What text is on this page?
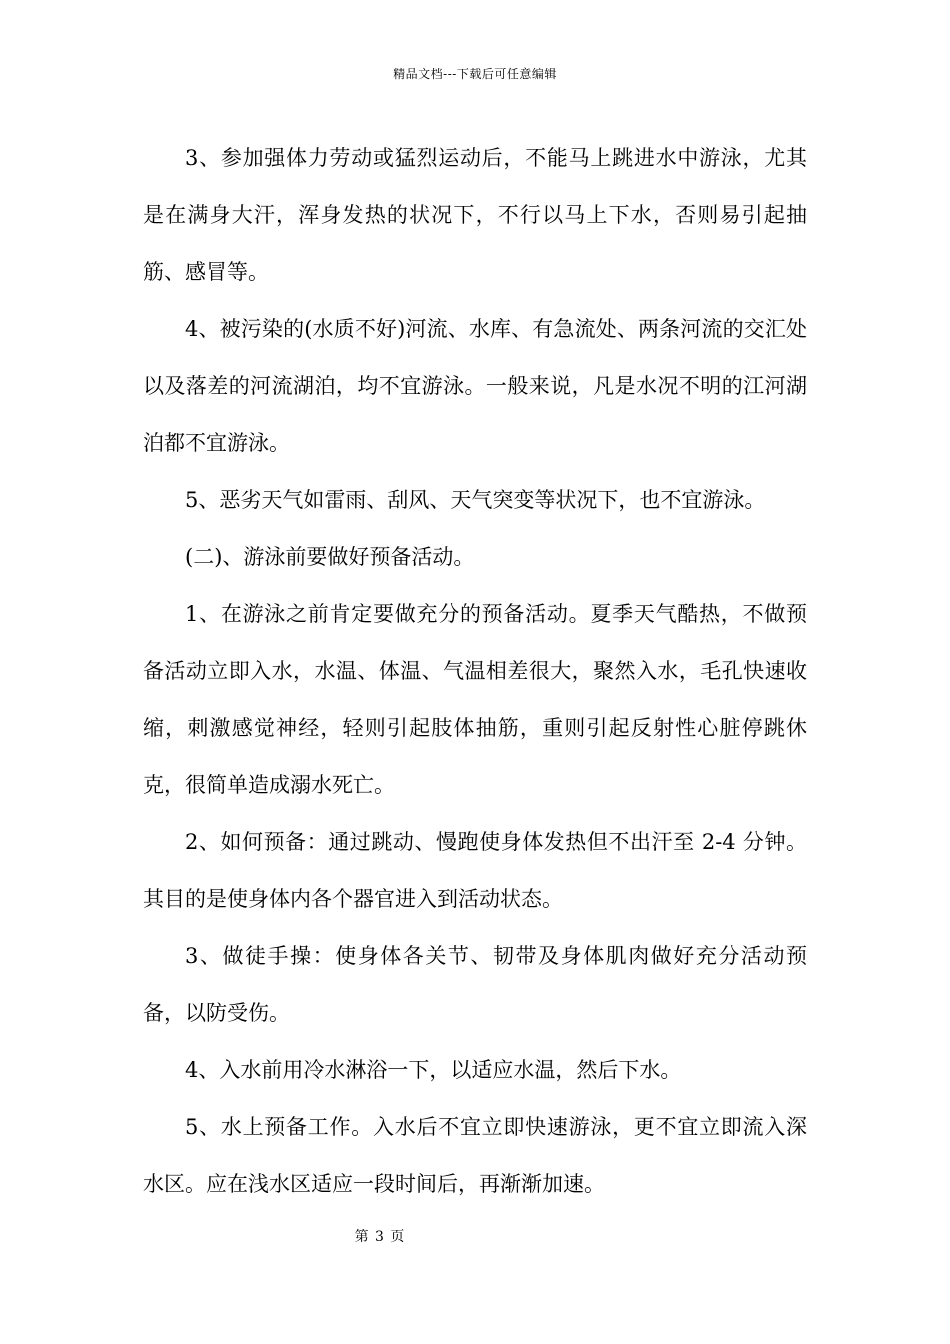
精品文档---下载后可任意编辑

3、参加强体力劳动或猛烈运动后，不能马上跳进水中游泳，尤其是在满身大汗，浑身发热的状况下，不行以马上下水，否则易引起抽筋、感冒等。

4、被污染的(水质不好)河流、水库、有急流处、两条河流的交汇处以及落差的河流湖泊，均不宜游泳。一般来说，凡是水况不明的江河湖泊都不宜游泳。

5、恶劣天气如雷雨、刮风、天气突变等状况下，也不宜游泳。

(二)、游泳前要做好预备活动。

1、在游泳之前肯定要做充分的预备活动。夏季天气酷热，不做预备活动立即入水，水温、体温、气温相差很大，聚然入水，毛孔快速收缩，刺激感觉神经，轻则引起肢体抽筋，重则引起反射性心脏停跳休克，很简单造成溺水死亡。

2、如何预备：通过跳动、慢跑使身体发热但不出汗至 2-4 分钟。其目的是使身体内各个器官进入到活动状态。

3、做徒手操：使身体各关节、韧带及身体肌肉做好充分活动预备，以防受伤。

4、入水前用冷水淋浴一下，以适应水温，然后下水。

5、水上预备工作。入水后不宜立即快速游泳，更不宜立即流入深水区。应在浅水区适应一段时间后，再渐渐加速。

第 3 页
